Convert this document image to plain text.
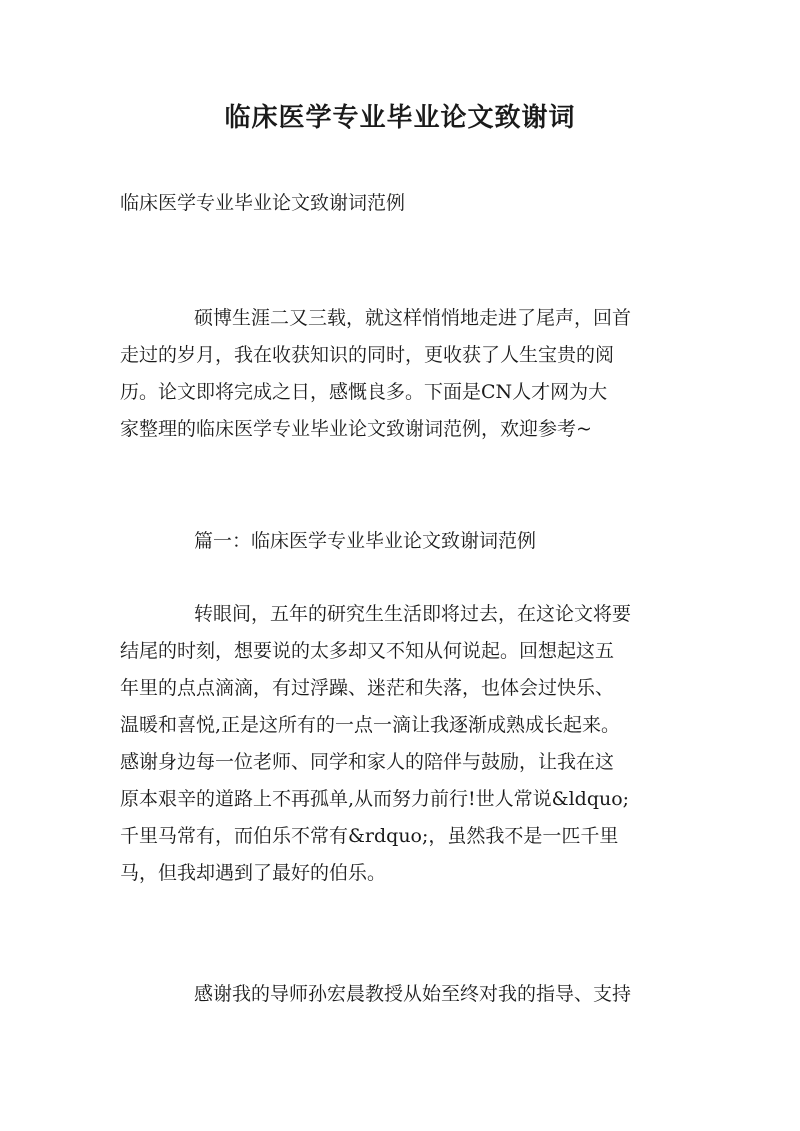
临床医学专业毕业论文致谢词
临床医学专业毕业论文致谢词范例
硕博生涯二又三载，就这样悄悄地走进了尾声，回首
走过的岁月，我在收获知识的同时，更收获了人生宝贵的阅
历。论文即将完成之日，感慨良多。下面是CN人才网为大
家整理的临床医学专业毕业论文致谢词范例，欢迎参考~
篇一：临床医学专业毕业论文致谢词范例
转眼间，五年的研究生生活即将过去，在这论文将要
结尾的时刻，想要说的太多却又不知从何说起。回想起这五
年里的点点滴滴，有过浮躁、迷茫和失落，也体会过快乐、
温暖和喜悦,正是这所有的一点一滴让我逐渐成熟成长起来。
感谢身边每一位老师、同学和家人的陪伴与鼓励，让我在这
原本艰辛的道路上不再孤单,从而努力前行!世人常说&ldquo;
千里马常有，而伯乐不常有&rdquo;，虽然我不是一匹千里
马，但我却遇到了最好的伯乐。
感谢我的导师孙宏晨教授从始至终对我的指导、支持
